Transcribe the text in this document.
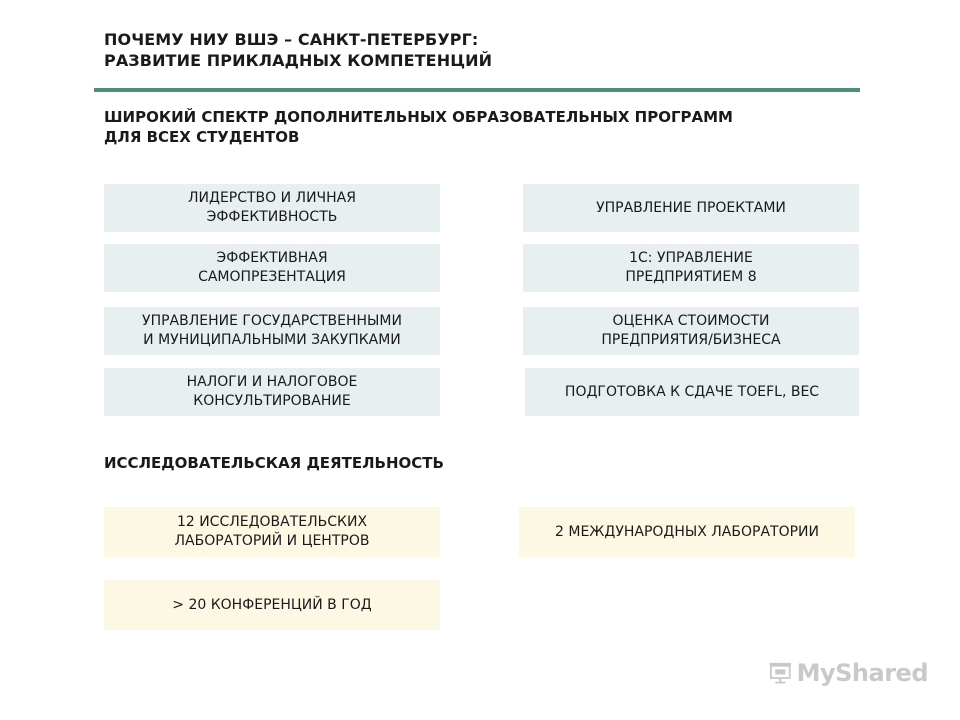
ПОЧЕМУ НИУ ВШЭ – САНКТ-ПЕТЕРБУРГ:
РАЗВИТИЕ ПРИКЛАДНЫХ КОМПЕТЕНЦИЙ
ШИРОКИЙ СПЕКТР ДОПОЛНИТЕЛЬНЫХ ОБРАЗОВАТЕЛЬНЫХ ПРОГРАММ
ДЛЯ ВСЕХ СТУДЕНТОВ
ЛИДЕРСТВО И ЛИЧНАЯ
ЭФФЕКТИВНОСТЬ
УПРАВЛЕНИЕ ПРОЕКТАМИ
ЭФФЕКТИВНАЯ
САМОПРЕЗЕНТАЦИЯ
1С: УПРАВЛЕНИЕ
ПРЕДПРИЯТИЕМ 8
УПРАВЛЕНИЕ ГОСУДАРСТВЕННЫМИ
И МУНИЦИПАЛЬНЫМИ ЗАКУПКАМИ
ОЦЕНКА СТОИМОСТИ
ПРЕДПРИЯТИЯ/БИЗНЕСА
НАЛОГИ И НАЛОГОВОЕ
КОНСУЛЬТИРОВАНИЕ
ПОДГОТОВКА К СДАЧЕ TOEFL, BEC
ИССЛЕДОВАТЕЛЬСКАЯ ДЕЯТЕЛЬНОСТЬ
12 ИССЛЕДОВАТЕЛЬСКИХ
ЛАБОРАТОРИЙ И ЦЕНТРОВ
2 МЕЖДУНАРОДНЫХ ЛАБОРАТОРИИ
> 20 КОНФЕРЕНЦИЙ В ГОД
MyShared
